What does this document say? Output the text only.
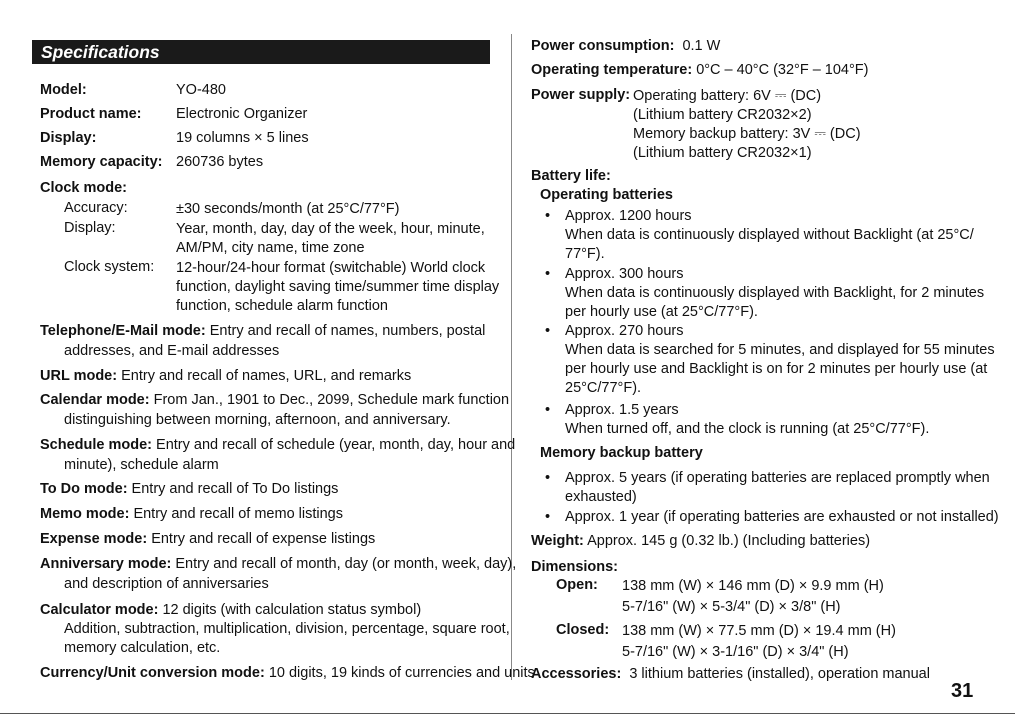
Specifications
31
Model:	YO-480
Product name: Electronic Organizer
Display:	19 columns × 5 lines
Memory capacity: 260736 bytes
Clock mode:
Accuracy:	±30 seconds/month (at 25°C/77°F)
Display:	Year, month, day, day of the week, hour, minute,
AM/PM, city name, time zone
Clock system: 12-hour/24-hour format (switchable) World clock
function, daylight saving time/summer time display
function, schedule alarm function
Telephone/E-Mail mode: Entry and recall of names, numbers, postal
addresses, and E-mail addresses
URL mode: Entry and recall of names, URL, and remarks
Calendar mode: From Jan., 1901 to Dec., 2099, Schedule mark function
distinguishing between morning, afternoon, and anniversary.
Schedule mode: Entry and recall of schedule (year, month, day, hour and
minute), schedule alarm
To Do mode: Entry and recall of To Do listings
Memo mode: Entry and recall of memo listings
Expense mode: Entry and recall of expense listings
Anniversary mode: Entry and recall of month, day (or month, week, day),
and description of anniversaries
Calculator mode: 12 digits (with calculation status symbol)
Addition, subtraction, multiplication, division, percentage, square root,
memory calculation, etc.
Currency/Unit conversion mode: 10 digits, 19 kinds of currencies and units
Power consumption: 0.1 W
Operating temperature: 0°C – 40°C (32°F – 104°F)
Power supply: Operating battery: 6V ⎓ (DC)
(Lithium battery CR2032×2)
Memory backup battery: 3V ⎓ (DC)
(Lithium battery CR2032×1)
Battery life:
Operating batteries
• Approx. 1200 hours
When data is continuously displayed without Backlight (at 25°C/
77°F).
• Approx. 300 hours
When data is continuously displayed with Backlight, for 2 minutes
per hourly use (at 25°C/77°F).
• Approx. 270 hours
When data is searched for 5 minutes, and displayed for 55 minutes
per hourly use and Backlight is on for 2 minutes per hourly use (at
25°C/77°F).
• Approx. 1.5 years
When turned off, and the clock is running (at 25°C/77°F).
Memory backup battery
• Approx. 5 years (if operating batteries are replaced promptly when
exhausted)
• Approx. 1 year (if operating batteries are exhausted or not installed)
Weight: Approx. 145 g (0.32 lb.) (Including batteries)
Dimensions:
Open: 138 mm (W) × 146 mm (D) × 9.9 mm (H)
5-7/16" (W) × 5-3/4" (D) × 3/8" (H)
Closed: 138 mm (W) × 77.5 mm (D) × 19.4 mm (H)
5-7/16" (W) × 3-1/16" (D) × 3/4" (H)
Accessories: 3 lithium batteries (installed), operation manual
